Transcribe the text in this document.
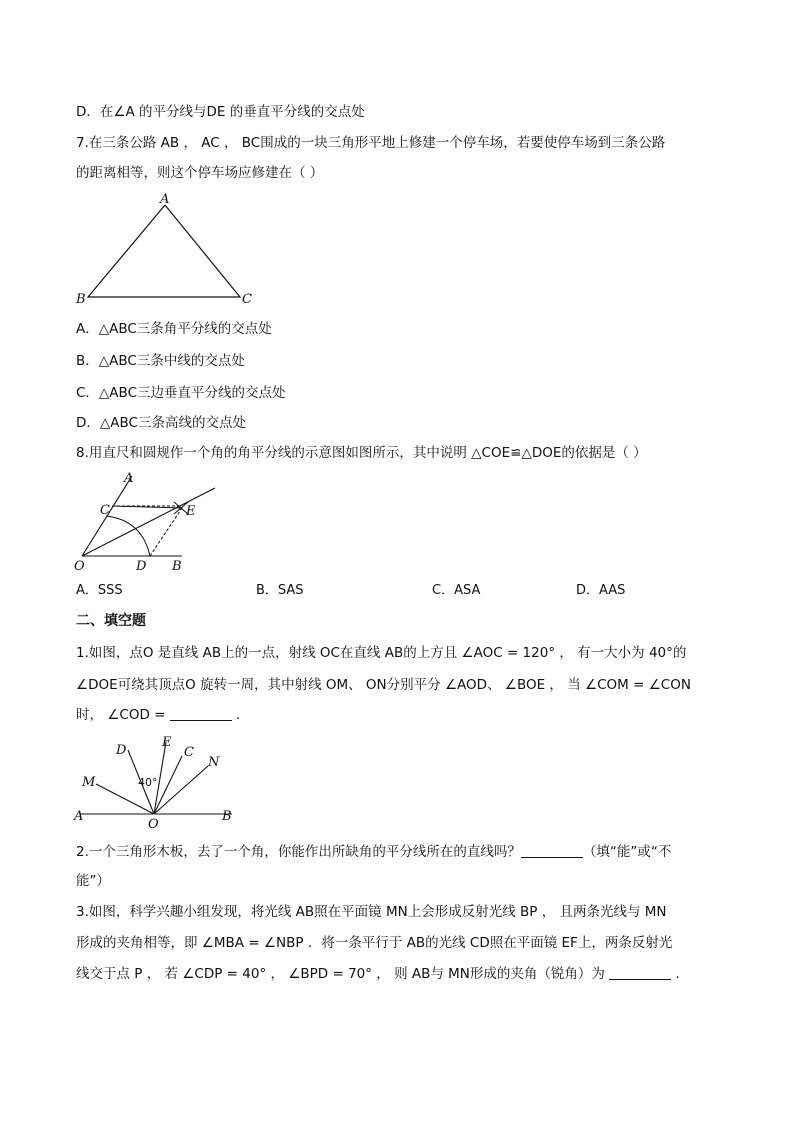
D．在∠A 的平分线与DE 的垂直平分线的交点处
7.在三条公路 AB ， AC ， BC围成的一块三角形平地上修建一个停车场，若要使停车场到三条公路
的距离相等，则这个停车场应修建在（ ）
A
B	C
A．△ABC三条角平分线的交点处
B．△ABC三条中线的交点处
C．△ABC三边垂直平分线的交点处
D．△ABC三条高线的交点处
8.用直尺和圆规作一个角的角平分线的示意图如图所示，其中说明 △COE≌△DOE的依据是（ ）
A
C	E
O	D B
A．SSS	B．SAS	C．ASA	D．AAS
二、填空题
1.如图，点O 是直线 AB上的一点，射线 OC在直线 AB的上方且 ∠AOC = 120° ， 有一大小为 40°的
∠DOE可绕其顶点O 旋转一周，其中射线 OM、 ON分别平分 ∠AOD、 ∠BOE ， 当 ∠COM = ∠CON
时， ∠COD =	.
D
E
C
N
M	40°
A	B
O
2.一个三角形木板，去了一个角，你能作出所缺角的平分线所在的直线吗？	（填“能”或“不
能”）
3.如图，科学兴趣小组发现，将光线 AB照在平面镜 MN上会形成反射光线 BP ， 且两条光线与 MN
形成的夹角相等，即 ∠MBA = ∠NBP ．将一条平行于 AB的光线 CD照在平面镜 EF上，两条反射光
线交于点 P ， 若 ∠CDP = 40° ， ∠BPD = 70° ， 则 AB与 MN形成的夹角（锐角）为	.
